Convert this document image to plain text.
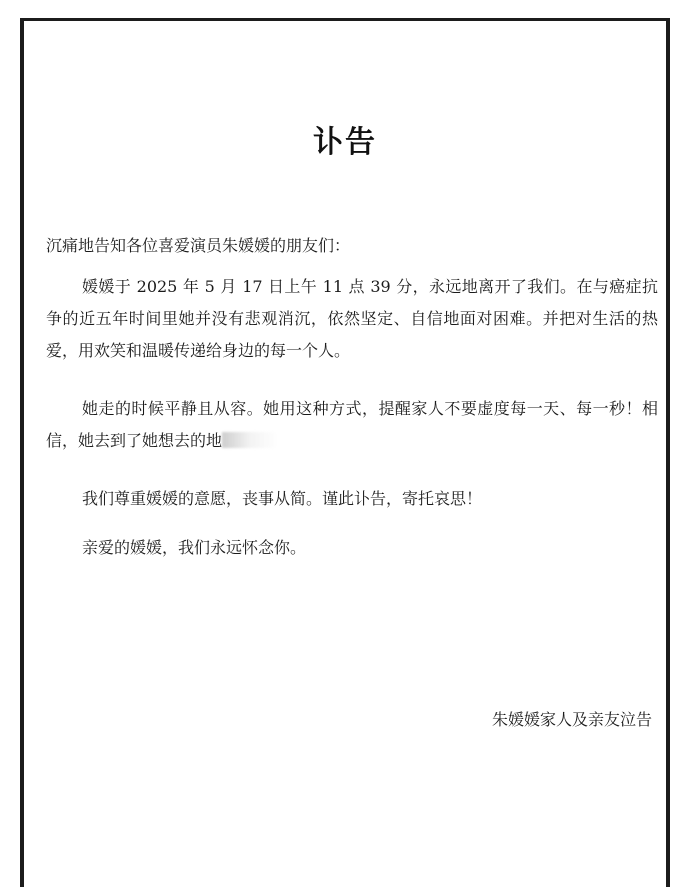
讣告
沉痛地告知各位喜爱演员朱媛媛的朋友们：

媛媛于 2025 年 5 月 17 日上午 11 点 39 分，永远地离开了我们。在与癌症抗争的近五年时间里她并没有悲观消沉，依然坚定、自信地面对困难。并把对生活的热爱，用欢笑和温暖传递给身边的每一个人。

她走的时候平静且从容。她用这种方式，提醒家人不要虚度每一天、每一秒！相信，她去到了她想去的地

我们尊重媛媛的意愿，丧事从简。谨此讣告，寄托哀思！

亲爱的媛媛，我们永远怀念你。

朱媛媛家人及亲友泣告
